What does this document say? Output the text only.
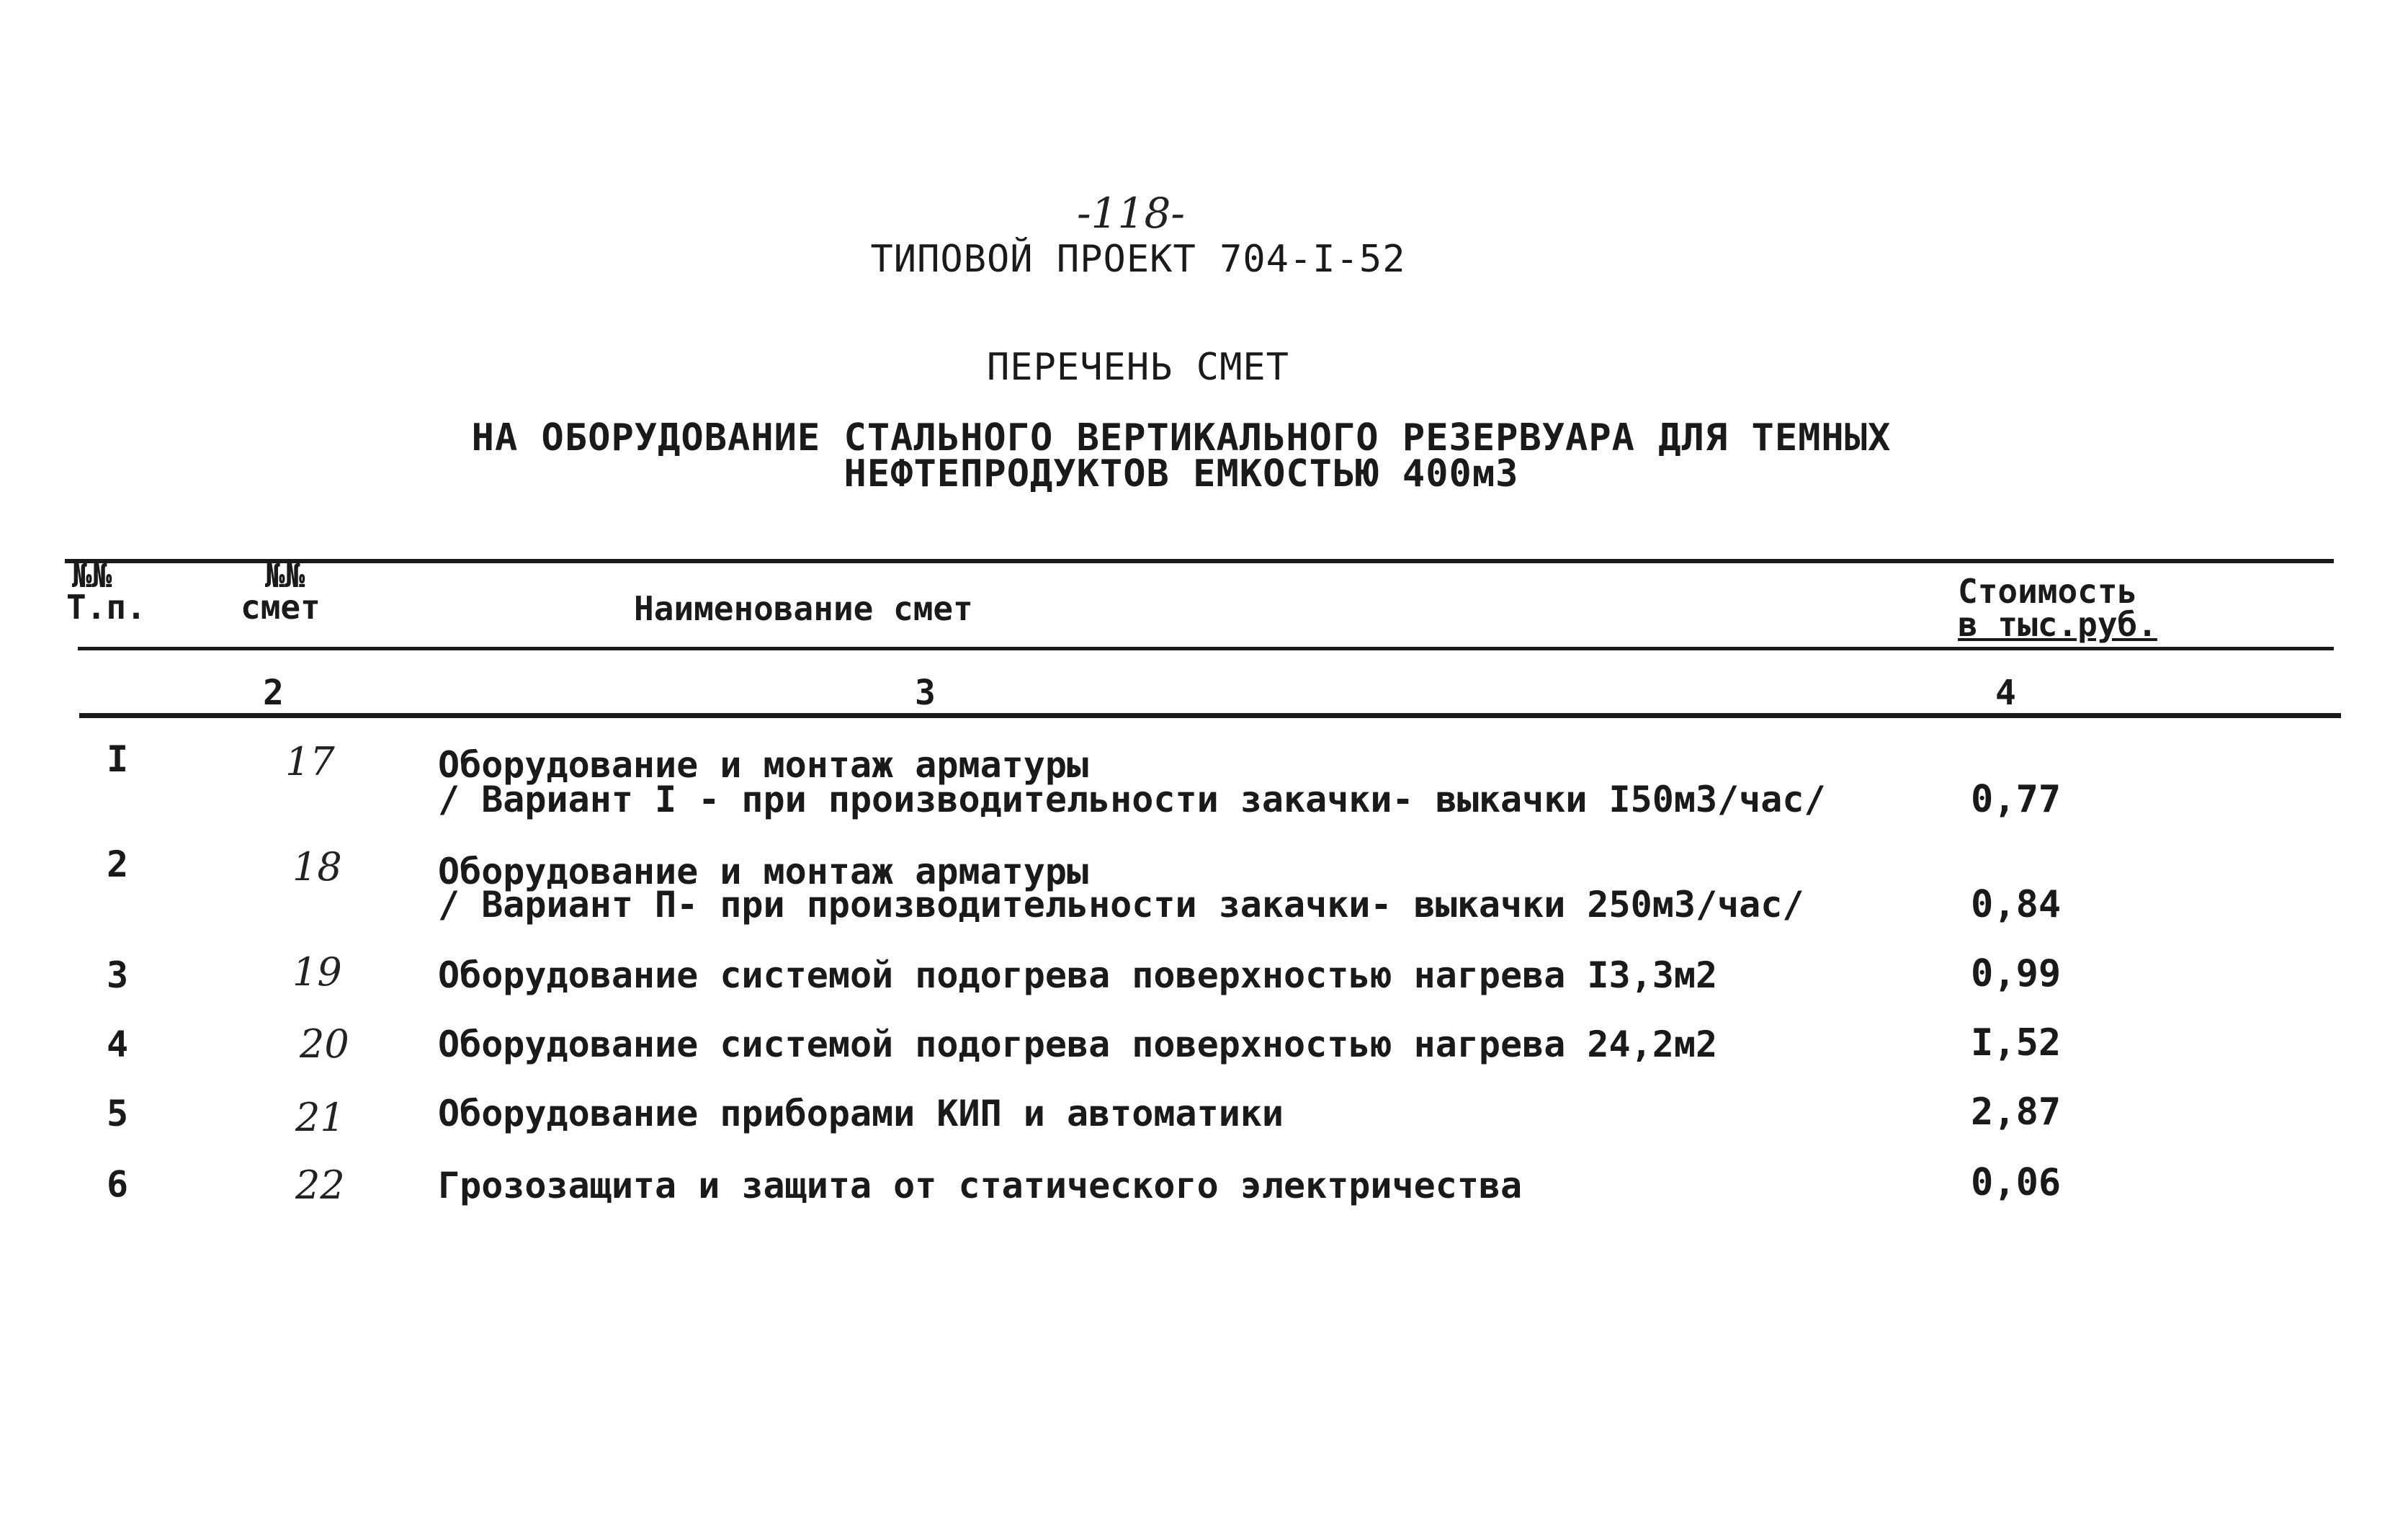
-118-
ТИПОВОЙ ПРОЕКТ 704-I-52
ПЕРЕЧЕНЬ СМЕТ
НА ОБОРУДОВАНИЕ СТАЛЬНОГО ВЕРТИКАЛЬНОГО РЕЗЕРВУАРА ДЛЯ ТЕМНЫХ
НЕФТЕПРОДУКТОВ ЕМКОСТЬЮ 400м3
№№
Т.п.
№№
смет	Наименование смет	Стоимость
в тыс.руб.
2	3	4
I	17	Оборудование и монтаж арматуры
/ Вариант I - при производительности закачки- выкачки I50м3/час/	0,77
2	18	Оборудование и монтаж арматуры
/ Вариант П- при производительности закачки- выкачки 250м3/час/	0,84
3	19	Оборудование системой подогрева поверхностью нагрева I3,3м2	0,99
4	20 Оборудование системой подогрева поверхностью нагрева 24,2м2	I,52
5	21	Оборудование приборами КИП и автоматики	2,87
6	22	Грозозащита и защита от статического электричества	0,06
